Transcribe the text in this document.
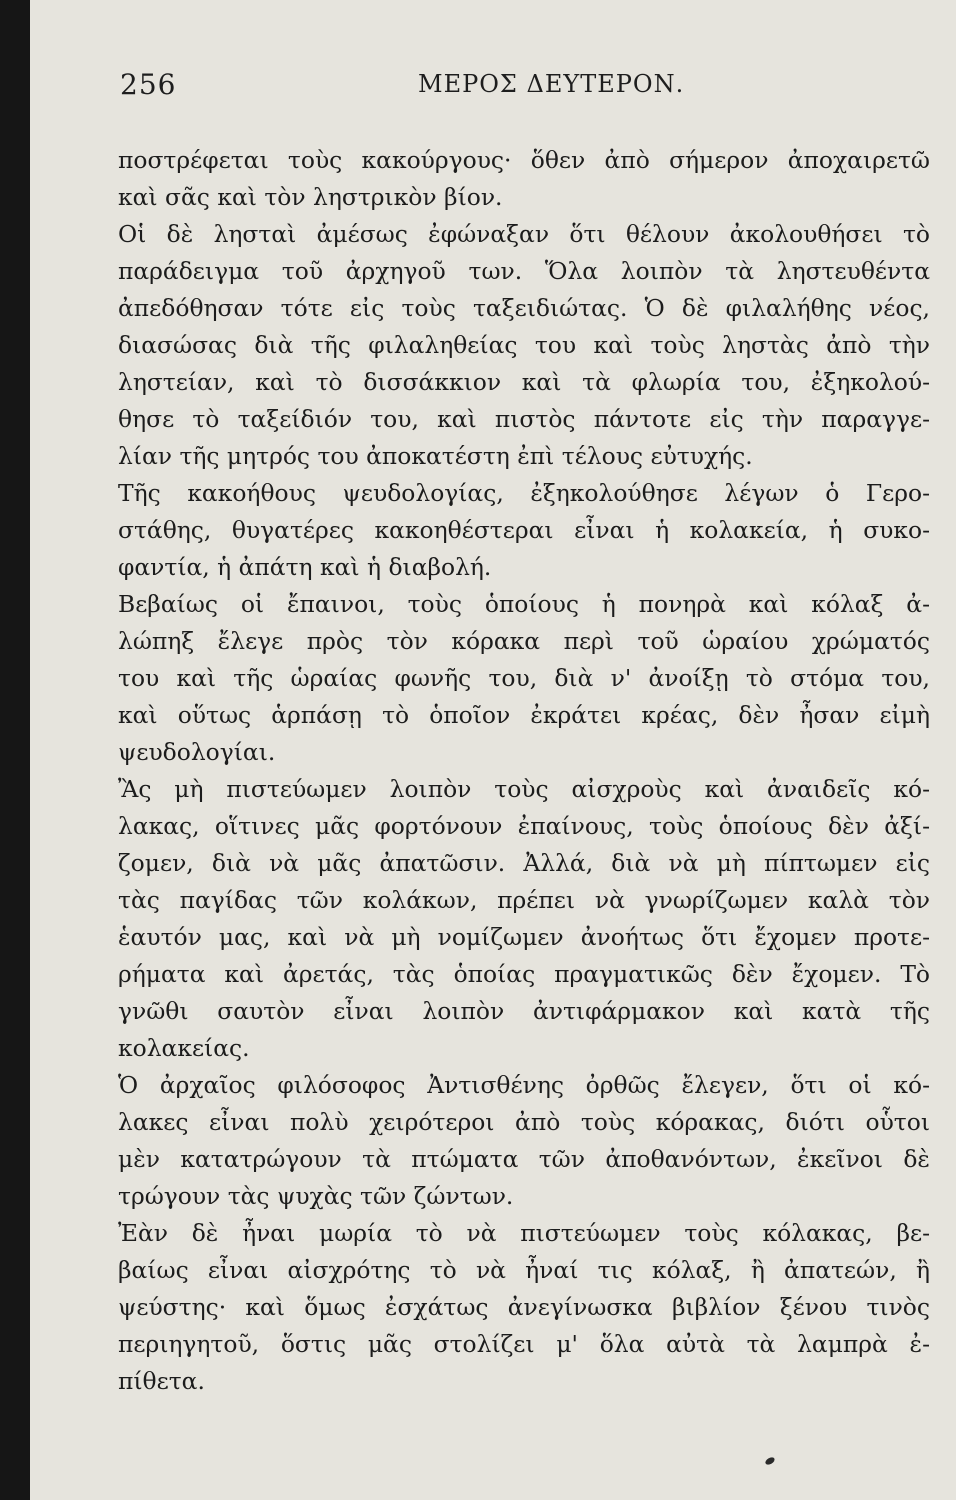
256	ΜΕΡΟΣ ΔΕΥΤΕΡΟΝ.
ποστρέφεται τοὺς κακούργους· ὅθεν ἀπὸ σήμερον ἀποχαιρετῶ
καὶ σᾶς καὶ τὸν ληστρικὸν βίον.
Οἱ δὲ λησταὶ ἀμέσως ἐφώναξαν ὅτι θέλουν ἀκολουθήσει τὸ
παράδειγμα τοῦ ἀρχηγοῦ των. Ὅλα λοιπὸν τὰ ληστευθέντα
ἀπεδόθησαν τότε εἰς τοὺς ταξειδιώτας. Ὁ δὲ φιλαλήθης νέος,
διασώσας διὰ τῆς φιλαληθείας του καὶ τοὺς ληστὰς ἀπὸ τὴν
ληστείαν, καὶ τὸ δισσάκκιον καὶ τὰ φλωρία του, ἐξηκολού-
θησε τὸ ταξείδιόν του, καὶ πιστὸς πάντοτε εἰς τὴν παραγγε-
λίαν τῆς μητρός του ἀποκατέστη ἐπὶ τέλους εὐτυχής.
Τῆς κακοήθους ψευδολογίας, ἐξηκολούθησε λέγων ὁ Γερο-
στάθης, θυγατέρες κακοηθέστεραι εἶναι ἡ κολακεία, ἡ συκο-
φαντία, ἡ ἀπάτη καὶ ἡ διαβολή.
Βεβαίως οἱ ἔπαινοι, τοὺς ὁποίους ἡ πονηρὰ καὶ κόλαξ ἀ-
λώπηξ ἔλεγε πρὸς τὸν κόρακα περὶ τοῦ ὡραίου χρώματός
του καὶ τῆς ὡραίας φωνῆς του, διὰ ν' ἀνοίξῃ τὸ στόμα του,
καὶ οὕτως ἁρπάσῃ τὸ ὁποῖον ἐκράτει κρέας, δὲν ἦσαν εἰμὴ
ψευδολογίαι.
Ἂς μὴ πιστεύωμεν λοιπὸν τοὺς αἰσχροὺς καὶ ἀναιδεῖς κό-
λακας, οἵτινες μᾶς φορτόνουν ἐπαίνους, τοὺς ὁποίους δὲν ἀξί-
ζομεν, διὰ νὰ μᾶς ἀπατῶσιν. Ἀλλά, διὰ νὰ μὴ πίπτωμεν εἰς
τὰς παγίδας τῶν κολάκων, πρέπει νὰ γνωρίζωμεν καλὰ τὸν
ἑαυτόν μας, καὶ νὰ μὴ νομίζωμεν ἀνοήτως ὅτι ἔχομεν προτε-
ρήματα καὶ ἀρετάς, τὰς ὁποίας πραγματικῶς δὲν ἔχομεν. Τὸ
γνῶθι σαυτὸν εἶναι λοιπὸν ἀντιφάρμακον καὶ κατὰ τῆς
κολακείας.
Ὁ ἀρχαῖος φιλόσοφος Ἀντισθένης ὀρθῶς ἔλεγεν, ὅτι οἱ κό-
λακες εἶναι πολὺ χειρότεροι ἀπὸ τοὺς κόρακας, διότι οὗτοι
μὲν κατατρώγουν τὰ πτώματα τῶν ἀποθανόντων, ἐκεῖνοι δὲ
τρώγουν τὰς ψυχὰς τῶν ζώντων.
Ἐὰν δὲ ἦναι μωρία τὸ νὰ πιστεύωμεν τοὺς κόλακας, βε-
βαίως εἶναι αἰσχρότης τὸ νὰ ἦναί τις κόλαξ, ἢ ἀπατεών, ἢ
ψεύστης· καὶ ὅμως ἐσχάτως ἀνεγίνωσκα βιβλίον ξένου τινὸς
περιηγητοῦ, ὅστις μᾶς στολίζει μ' ὅλα αὐτὰ τὰ λαμπρὰ ἐ-
πίθετα.
